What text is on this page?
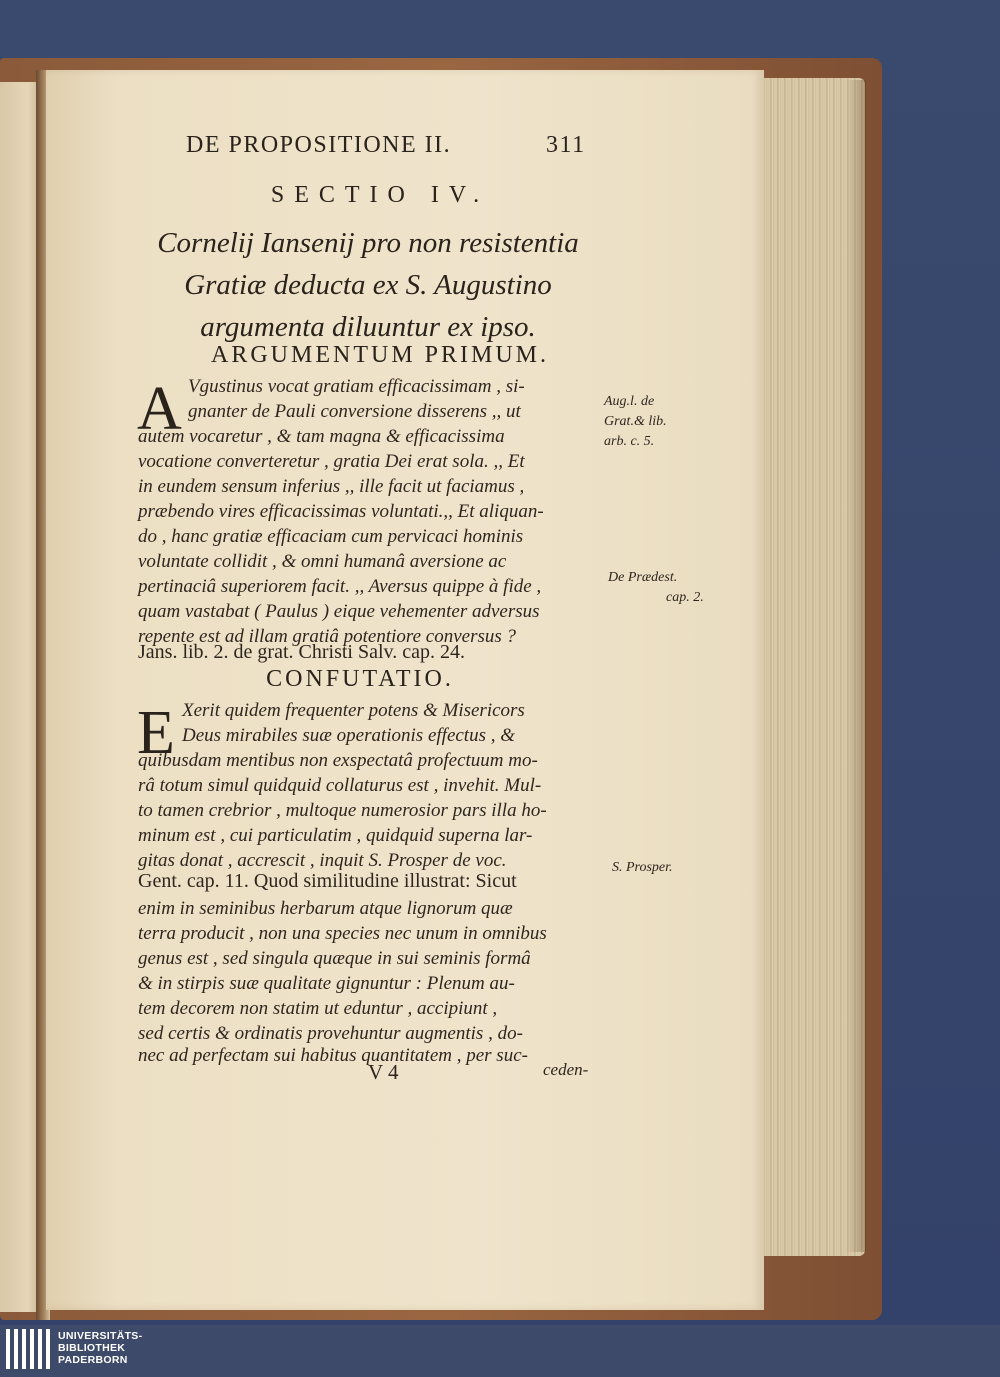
DE PROPOSITIONE II.	311
SECTIO IV.
Cornelij Iansenij pro non resistentia
Gratiæ deducta ex S. Augustino
argumenta diluuntur ex ipso.
ARGUMENTUM PRIMUM.
A Vgustinus vocat gratiam efficacissimam , si-
gnanter de Pauli conversione disserens ,, ut
autem vocaretur , & tam magna & efficacissima
vocatione converteretur , gratia Dei erat sola. ,, Et
in eundem sensum inferius ,, ille facit ut faciamus ,
præbendo vires efficacissimas voluntati.,, Et aliquan-
do , hanc gratiæ efficaciam cum pervicaci hominis
voluntate collidit , & omni humanâ aversione ac
pertinaciâ superiorem facit. ,, Aversus quippe à fide ,
quam vastabat ( Paulus ) eique vehementer adversus
repente est ad illam gratiâ potentiore conversus ?
Jans. lib. 2. de grat. Christi Salv. cap. 24.
Aug.l. de
Grat.& lib.
arb. c. 5.
De Prædest.
cap. 2.
CONFUTATIO.
E Xerit quidem frequenter potens & Misericors
Deus mirabiles suæ operationis effectus , &
quibusdam mentibus non exspectatâ profectuum mo-
râ totum simul quidquid collaturus est , invehit. Mul-
to tamen crebrior , multoque numerosior pars illa ho-
minum est , cui particulatim , quidquid superna lar-
gitas donat , accrescit , inquit S. Prosper de voc.
Gent. cap. 11. Quod similitudine illustrat: Sicut
enim in seminibus herbarum atque lignorum quæ
terra producit , non una species nec unum in omnibus
genus est , sed singula quæque in sui seminis formâ
& in stirpis suæ qualitate gignuntur : Plenum au-
tem decorem non statim ut eduntur , accipiunt ,
sed certis & ordinatis provehuntur augmentis , do-
nec ad perfectam sui habitus quantitatem , per suc-
S. Prosper.
V 4	ceden-
UNIVERSITÄTS-
BIBLIOTHEK
PADERBORN
